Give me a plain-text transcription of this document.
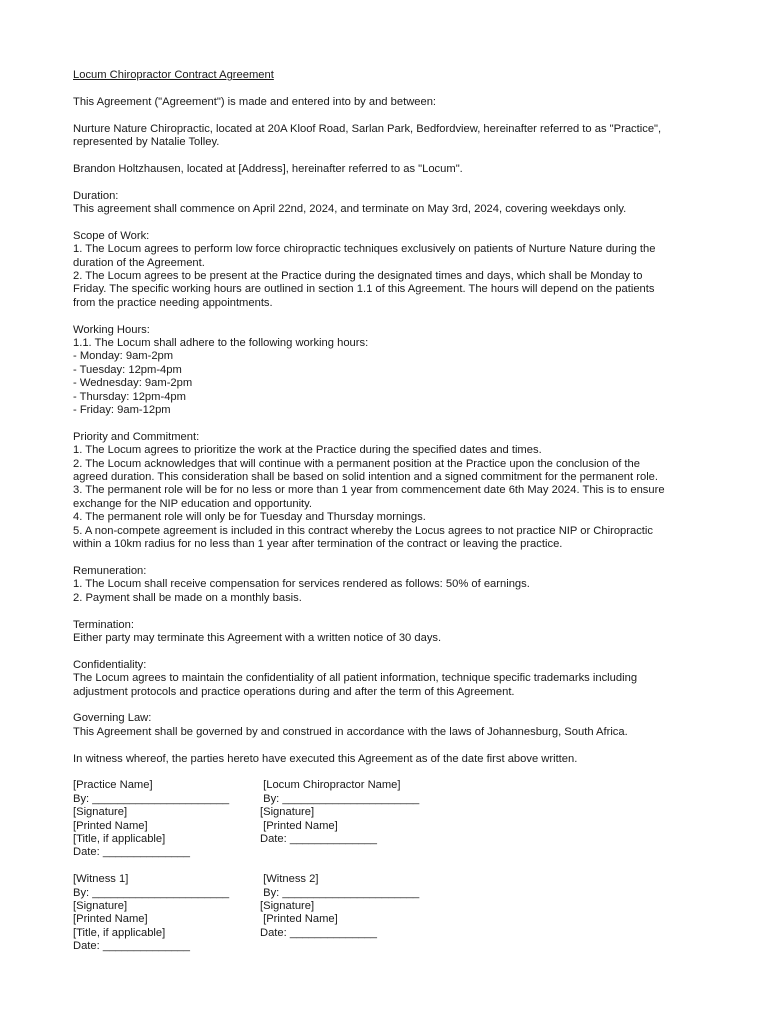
Locum Chiropractor Contract Agreement

This Agreement ("Agreement") is made and entered into by and between:

Nurture Nature Chiropractic, located at 20A Kloof Road, Sarlan Park, Bedfordview, hereinafter referred to as "Practice",

represented by Natalie Tolley.

Brandon Holtzhausen, located at [Address], hereinafter referred to as "Locum".

Duration:

This agreement shall commence on April 22nd, 2024, and terminate on May 3rd, 2024, covering weekdays only.

Scope of Work:

1. The Locum agrees to perform low force chiropractic techniques exclusively on patients of Nurture Nature during the

duration of the Agreement.

2. The Locum agrees to be present at the Practice during the designated times and days, which shall be Monday to

Friday. The specific working hours are outlined in section 1.1 of this Agreement. The hours will depend on the patients

from the practice needing appointments.

Working Hours:

1.1. The Locum shall adhere to the following working hours:

- Monday: 9am-2pm

- Tuesday: 12pm-4pm

- Wednesday: 9am-2pm

- Thursday: 12pm-4pm

- Friday: 9am-12pm

Priority and Commitment:

1. The Locum agrees to prioritize the work at the Practice during the specified dates and times.

2. The Locum acknowledges that will continue with a permanent position at the Practice upon the conclusion of the

agreed duration. This consideration shall be based on solid intention and a signed commitment for the permanent role.

3. The permanent role will be for no less or more than 1 year from commencement date 6th May 2024. This is to ensure

exchange for the NIP education and opportunity.

4. The permanent role will only be for Tuesday and Thursday mornings.

5. A non-compete agreement is included in this contract whereby the Locus agrees to not practice NIP or Chiropractic

within a 10km radius for no less than 1 year after termination of the contract or leaving the practice.

Remuneration:

1. The Locum shall receive compensation for services rendered as follows: 50% of earnings.

2. Payment shall be made on a monthly basis.

Termination:

Either party may terminate this Agreement with a written notice of 30 days.

Confidentiality:

The Locum agrees to maintain the confidentiality of all patient information, technique specific trademarks including

adjustment protocols and practice operations during and after the term of this Agreement.

Governing Law:

This Agreement shall be governed by and construed in accordance with the laws of Johannesburg, South Africa.

In witness whereof, the parties hereto have executed this Agreement as of the date first above written.

[Practice Name]
By: ______________________
[Signature]
[Printed Name]
[Title, if applicable]
Date: ______________
[Locum Chiropractor Name]
By: ______________________
[Signature]
[Printed Name]
Date: ______________
[Witness 1]
By: ______________________
[Signature]
[Printed Name]
[Title, if applicable]
Date: ______________
[Witness 2]
By: ______________________
[Signature]
[Printed Name]
Date: ______________
